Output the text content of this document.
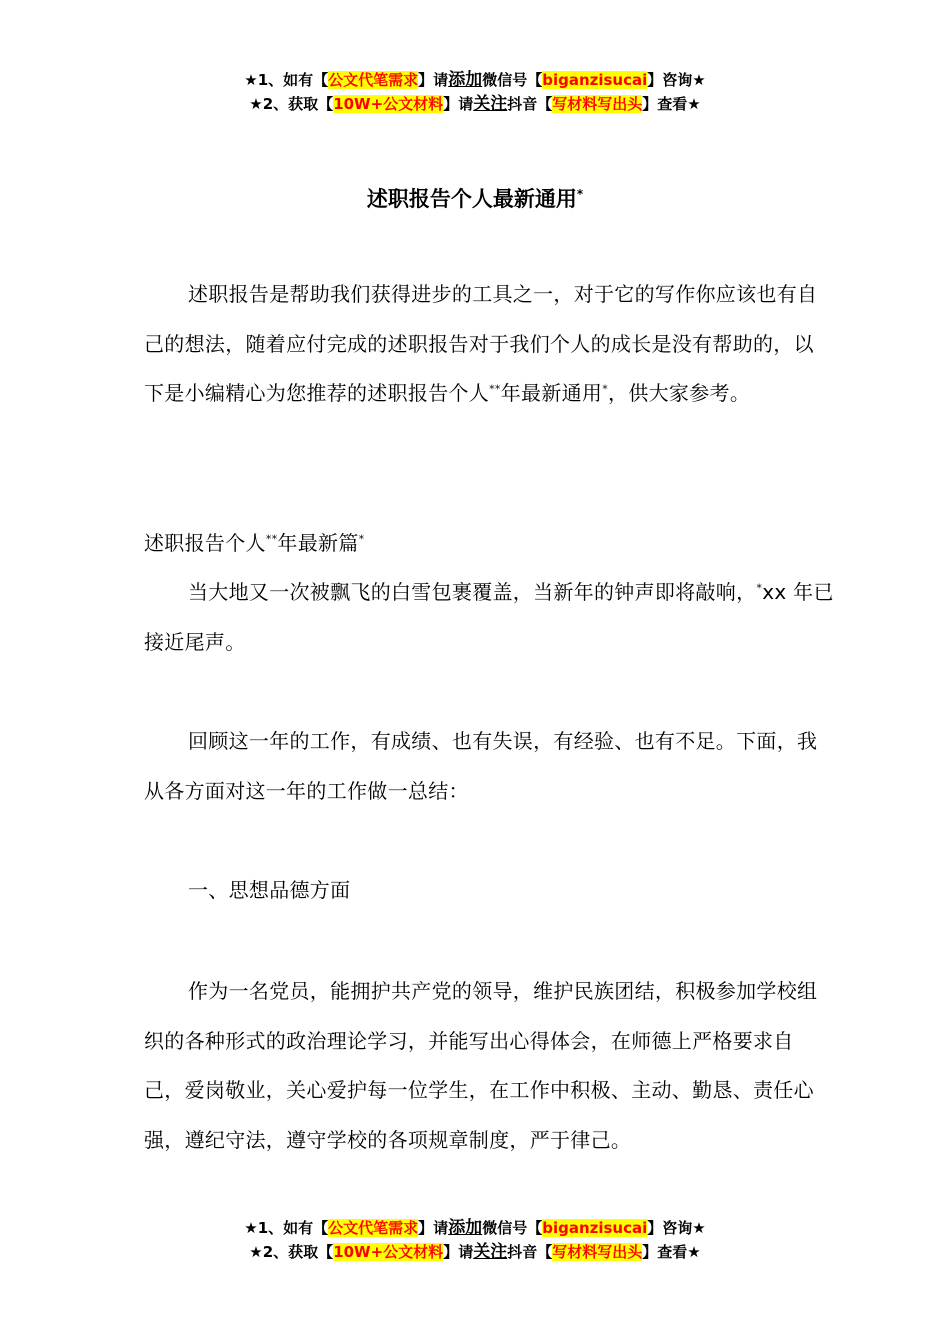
★1、如有【公文代笔需求】请添加微信号【biganzisucai】咨询★
★2、获取【10W+公文材料】请关注抖音【写材料写出头】查看★
述职报告个人最新通用*

述职报告是帮助我们获得进步的工具之一，对于它的写作你应该也有自己的想法，随着应付完成的述职报告对于我们个人的成长是没有帮助的，以下是小编精心为您推荐的述职报告个人**年最新通用*，供大家参考。

述职报告个人**年最新篇*

当大地又一次被飘飞的白雪包裹覆盖，当新年的钟声即将敲响，*xx 年已接近尾声。

回顾这一年的工作，有成绩、也有失误，有经验、也有不足。下面，我从各方面对这一年的工作做一总结：

一、思想品德方面

作为一名党员，能拥护共产党的领导，维护民族团结，积极参加学校组织的各种形式的政治理论学习，并能写出心得体会，在师德上严格要求自己，爱岗敬业，关心爱护每一位学生，在工作中积极、主动、勤恳、责任心强，遵纪守法，遵守学校的各项规章制度，严于律己。

★1、如有【公文代笔需求】请添加微信号【biganzisucai】咨询★
★2、获取【10W+公文材料】请关注抖音【写材料写出头】查看★
